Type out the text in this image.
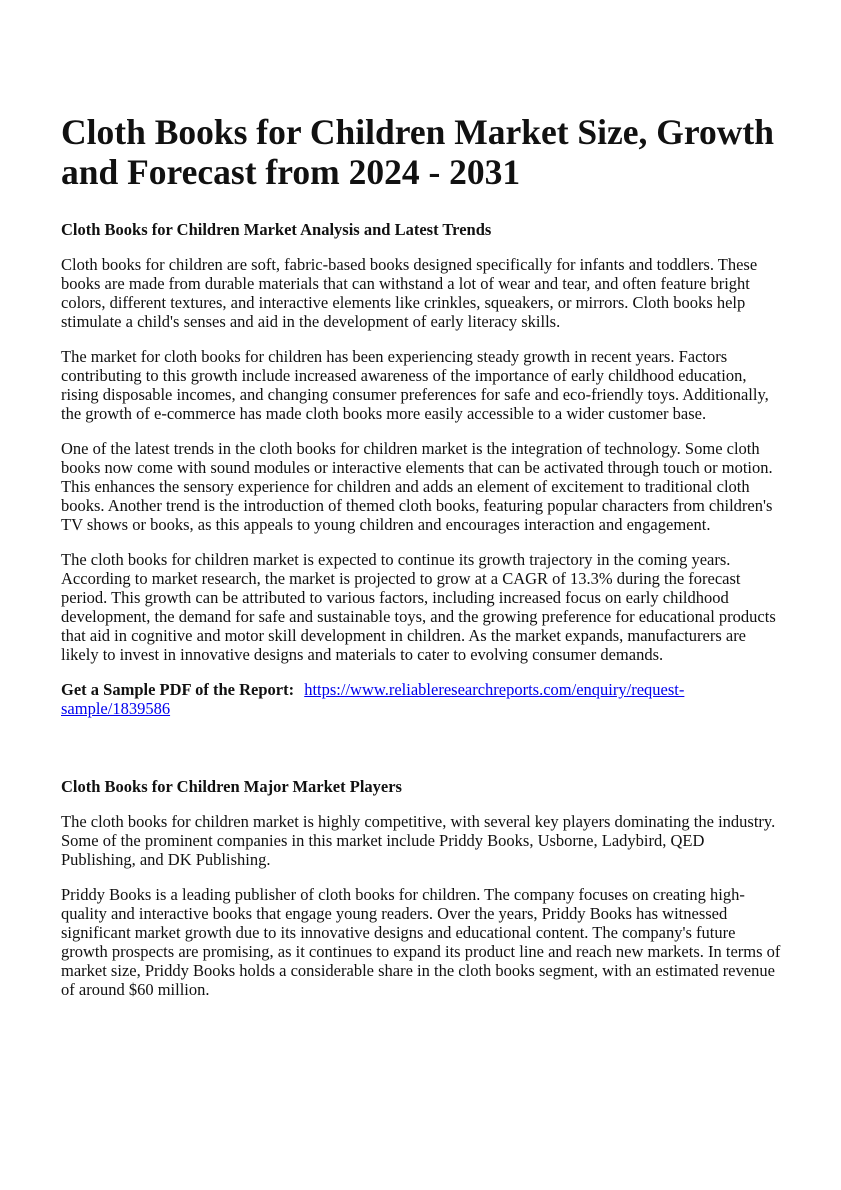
Cloth Books for Children Market Size, Growth and Forecast from 2024 - 2031
Cloth Books for Children Market Analysis and Latest Trends

Cloth books for children are soft, fabric-based books designed specifically for infants and toddlers. These books are made from durable materials that can withstand a lot of wear and tear, and often feature bright colors, different textures, and interactive elements like crinkles, squeakers, or mirrors. Cloth books help stimulate a child's senses and aid in the development of early literacy skills.

The market for cloth books for children has been experiencing steady growth in recent years. Factors contributing to this growth include increased awareness of the importance of early childhood education, rising disposable incomes, and changing consumer preferences for safe and eco-friendly toys. Additionally, the growth of e-commerce has made cloth books more easily accessible to a wider customer base.

One of the latest trends in the cloth books for children market is the integration of technology. Some cloth books now come with sound modules or interactive elements that can be activated through touch or motion. This enhances the sensory experience for children and adds an element of excitement to traditional cloth books. Another trend is the introduction of themed cloth books, featuring popular characters from children's TV shows or books, as this appeals to young children and encourages interaction and engagement.

The cloth books for children market is expected to continue its growth trajectory in the coming years. According to market research, the market is projected to grow at a CAGR of 13.3% during the forecast period. This growth can be attributed to various factors, including increased focus on early childhood development, the demand for safe and sustainable toys, and the growing preference for educational products that aid in cognitive and motor skill development in children. As the market expands, manufacturers are likely to invest in innovative designs and materials to cater to evolving consumer demands.

Get a Sample PDF of the Report: https://www.reliableresearchreports.com/enquiry/request-sample/1839586

Cloth Books for Children Major Market Players

The cloth books for children market is highly competitive, with several key players dominating the industry. Some of the prominent companies in this market include Priddy Books, Usborne, Ladybird, QED Publishing, and DK Publishing.

Priddy Books is a leading publisher of cloth books for children. The company focuses on creating high-quality and interactive books that engage young readers. Over the years, Priddy Books has witnessed significant market growth due to its innovative designs and educational content. The company's future growth prospects are promising, as it continues to expand its product line and reach new markets. In terms of market size, Priddy Books holds a considerable share in the cloth books segment, with an estimated revenue of around $60 million.
